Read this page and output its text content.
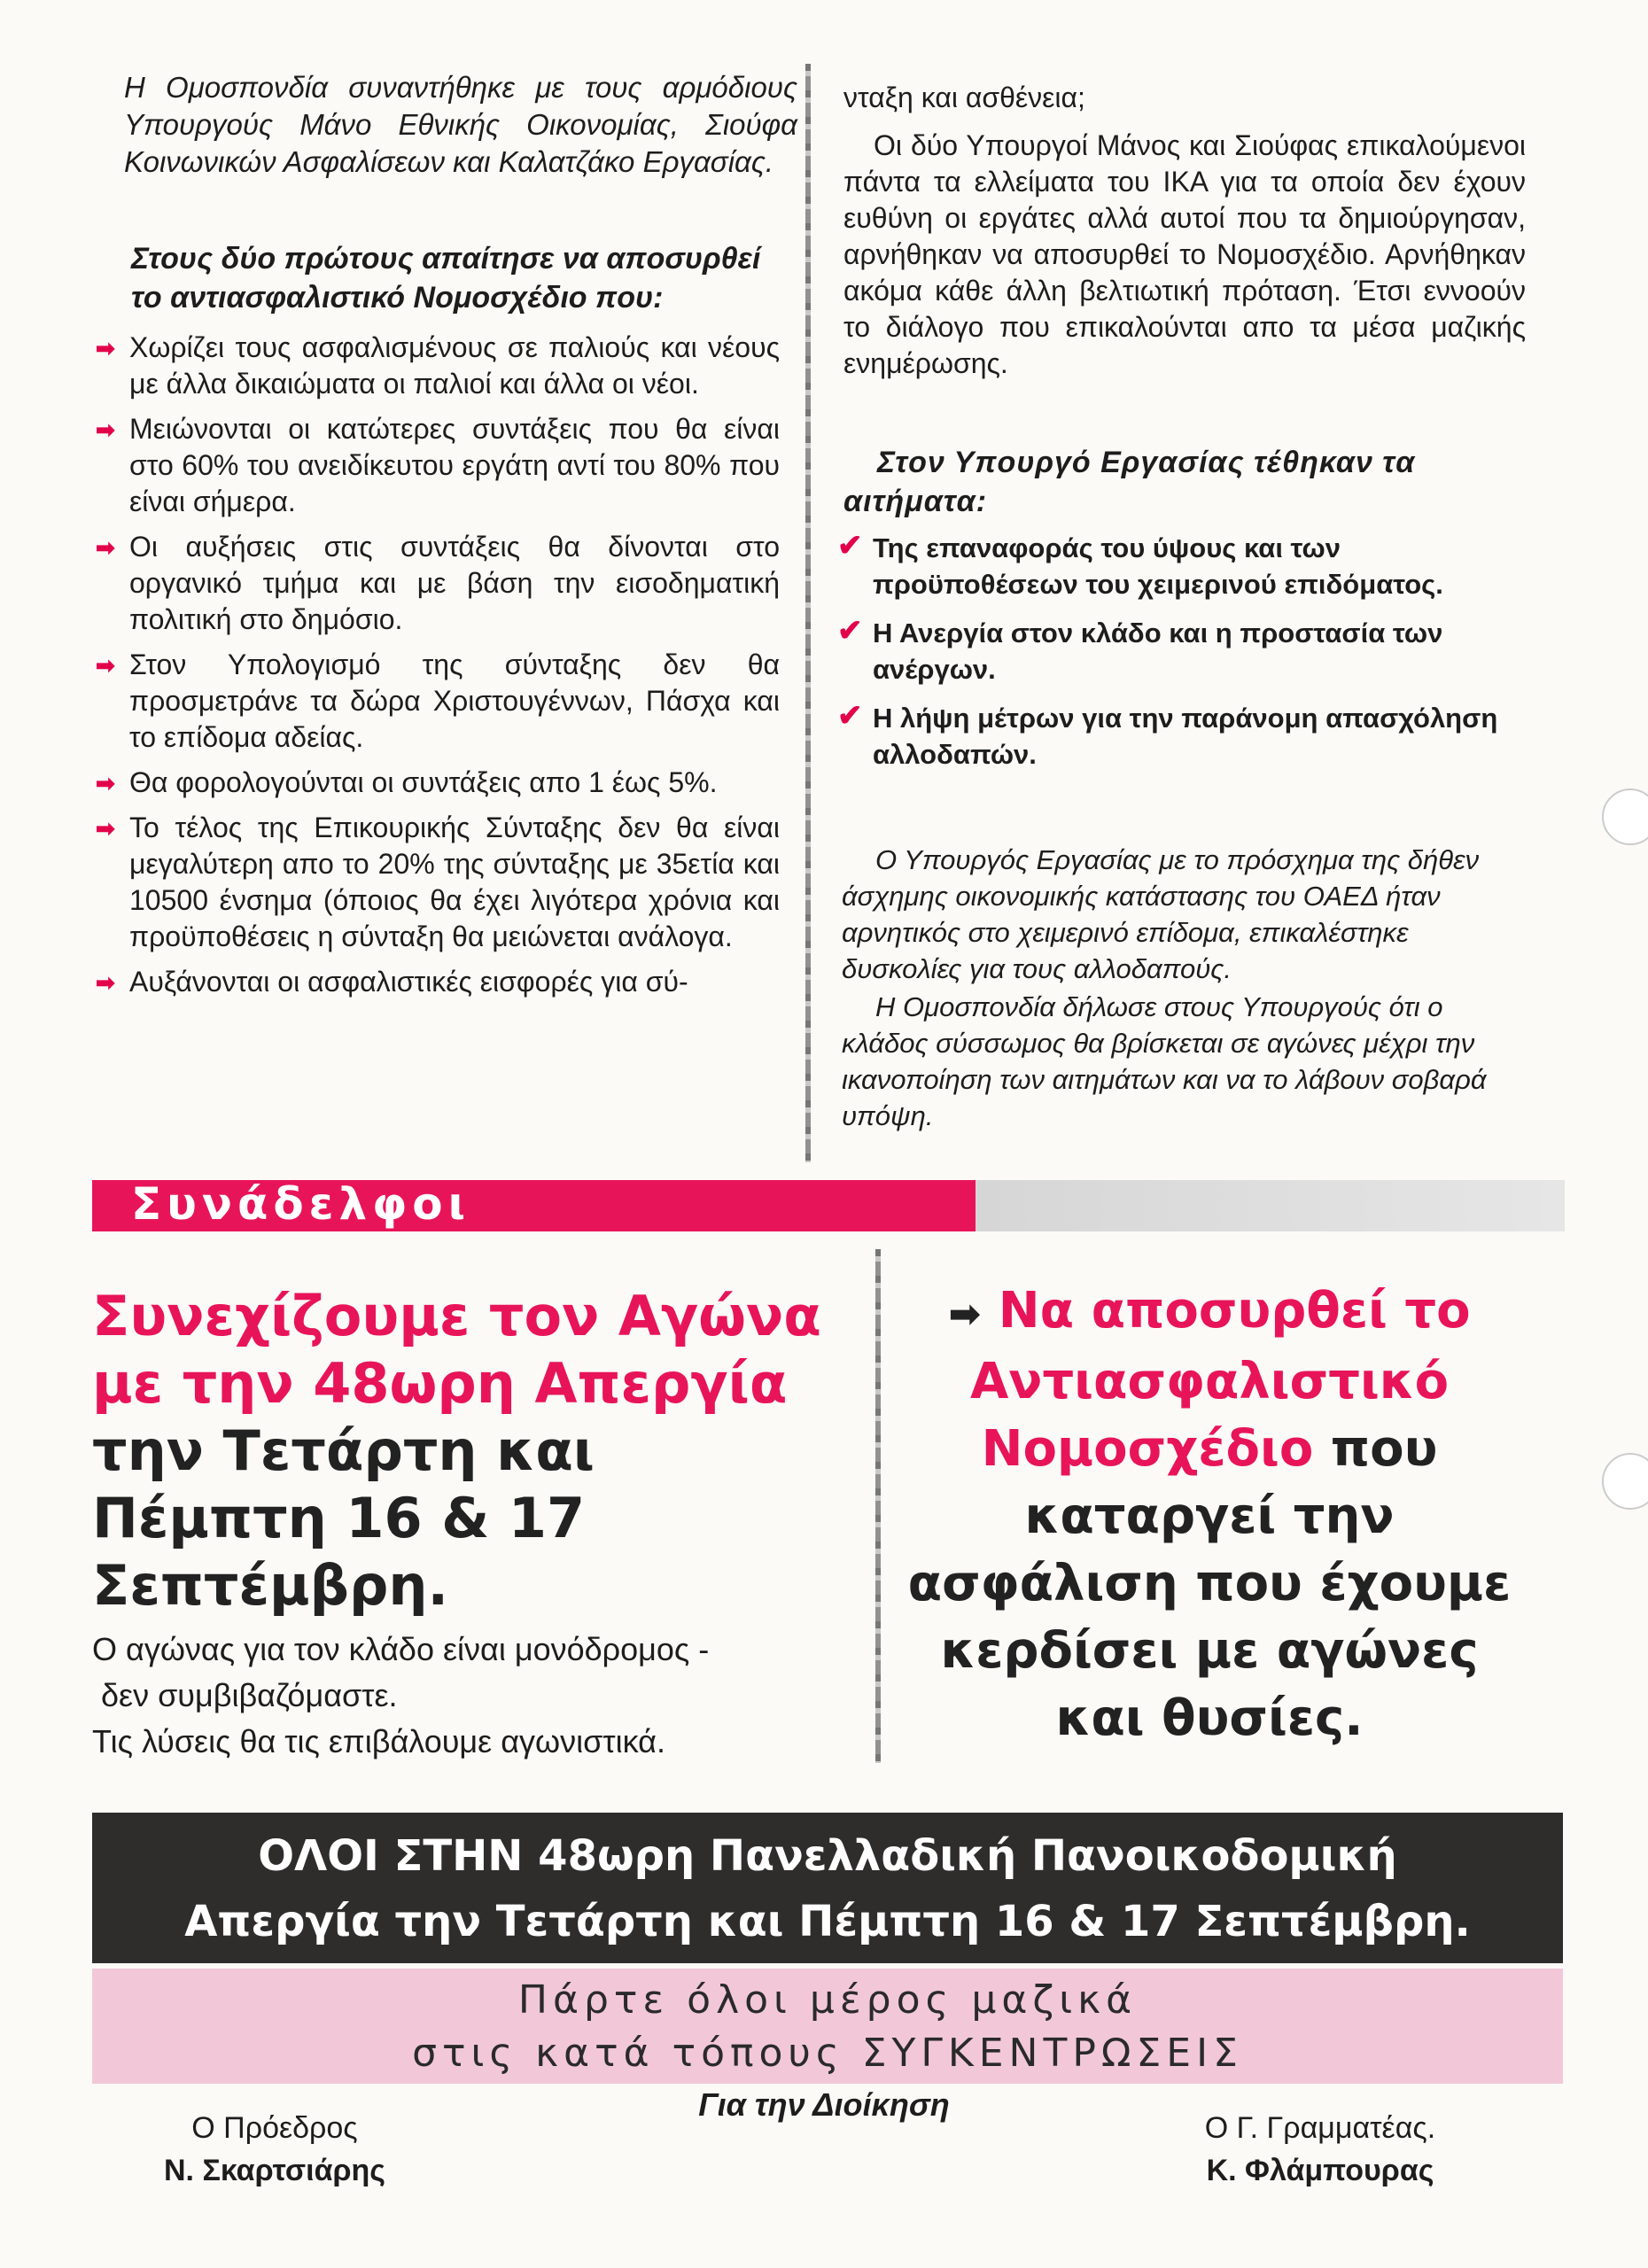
Η Ομοσπονδία συναντήθηκε με τους αρμόδιους Υπουργούς Μάνο Εθνικής Οικονομίας, Σιούφα Κοινωνικών Ασφαλίσεων και Καλατζάκο Εργασίας.
Στους δύο πρώτους απαίτησε να αποσυρθεί το αντιασφαλιστικό Νομοσχέδιο που:
➡ Χωρίζει τους ασφαλισμένους σε παλιούς και νέους με άλλα δικαιώματα οι παλιοί και άλλα οι νέοι.
➡ Μειώνονται οι κατώτερες συντάξεις που θα είναι στο 60% του ανειδίκευτου εργάτη αντί του 80% που είναι σήμερα.
➡ Οι αυξήσεις στις συντάξεις θα δίνονται στο οργανικό τμήμα και με βάση την εισοδηματική πολιτική στο δημόσιο.
➡ Στον Υπολογισμό της σύνταξης δεν θα προσμετράνε τα δώρα Χριστουγέννων, Πάσχα και το επίδομα αδείας.
➡ Θα φορολογούνται οι συντάξεις απο 1 έως 5%.
➡ Το τέλος της Επικουρικής Σύνταξης δεν θα είναι μεγαλύτερη απο το 20% της σύνταξης με 35ετία και 10500 ένσημα (όποιος θα έχει λιγότερα χρόνια και προϋποθέσεις η σύνταξη θα μειώνεται ανάλογα.
➡ Αυξάνονται οι ασφαλιστικές εισφορές για σύ-
νταξη και ασθένεια;
Οι δύο Υπουργοί Μάνος και Σιούφας επικαλούμενοι πάντα τα ελλείματα του ΙΚΑ για τα οποία δεν έχουν ευθύνη οι εργάτες αλλά αυτοί που τα δημιούργησαν, αρνήθηκαν να αποσυρθεί το Νομοσχέδιο. Αρνήθηκαν ακόμα κάθε άλλη βελτιωτική πρόταση. Έτσι εννοούν το διάλογο που επικαλούνται απο τα μέσα μαζικής ενημέρωσης.
Στον Υπουργό Εργασίας τέθηκαν τα αιτήματα:
✔ Της επαναφοράς του ύψους και των προϋποθέσεων του χειμερινού επιδόματος.
✔ Η Ανεργία στον κλάδο και η προστασία των ανέργων.
✔ Η λήψη μέτρων για την παράνομη απασχόληση αλλοδαπών.

Ο Υπουργός Εργασίας με το πρόσχημα της δήθεν άσχημης οικονομικής κατάστασης του ΟΑΕΔ ήταν αρνητικός στο χειμερινό επίδομα, επικαλέστηκε δυσκολίες για τους αλλοδαπούς.

Η Ομοσπονδία δήλωσε στους Υπουργούς ότι ο κλάδος σύσσωμος θα βρίσκεται σε αγώνες μέχρι την ικανοποίηση των αιτημάτων και να το λάβουν σοβαρά υπόψη.

Συνάδελφοι
Συνεχίζουμε τον Αγώνα
με την 48ωρη Απεργία
την Τετάρτη και
Πέμπτη 16 & 17
Σεπτέμβρη.
Ο αγώνας για τον κλάδο είναι μονόδρομος -
δεν συμβιβαζόμαστε.
Τις λύσεις θα τις επιβάλουμε αγωνιστικά.
➡ Να αποσυρθεί το
Αντιασφαλιστικό
Νομοσχέδιο που
καταργεί την
ασφάλιση που έχουμε
κερδίσει με αγώνες
και θυσίες.
ΟΛΟΙ ΣΤΗΝ 48ωρη Πανελλαδική Πανοικοδομική
Απεργία την Τετάρτη και Πέμπτη 16 & 17 Σεπτέμβρη.
Πάρτε όλοι μέρος μαζικά
στις κατά τόπους ΣΥΓΚΕΝΤΡΩΣΕΙΣ
Για την Διοίκηση
Ο Πρόεδρος
Ν. Σκαρτσιάρης
Ο Γ. Γραμματέας.
Κ. Φλάμπουρας
